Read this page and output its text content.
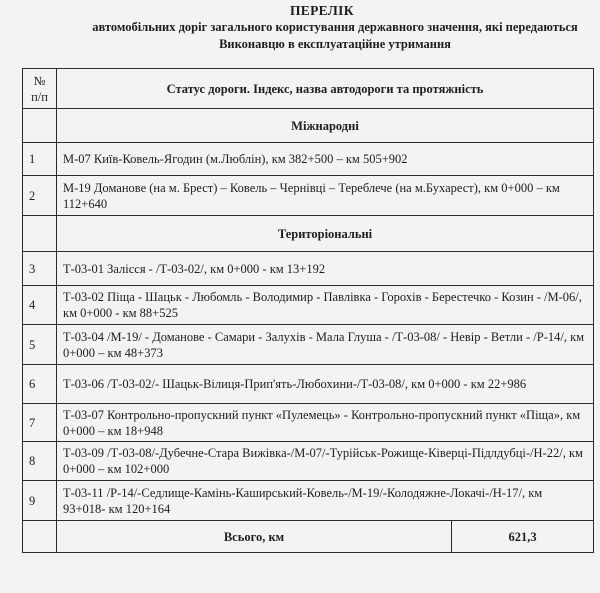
ПЕРЕЛІК
автомобільних доріг загального користування державного значення, які передаються
Виконавцю в експлуатаційне утримання
№ п/п	Статус дороги. Індекс, назва автодороги та протяжність	
	Міжнародні	
1	М-07 Київ-Ковель-Ягодин (м.Люблін), км 382+500 – км 505+902	
2	М-19 Доманове (на м. Брест) – Ковель – Чернівці – Тереблече (на м.Бухарест), км 0+000 – км 112+640	
	Територіональні	
3	Т-03-01 Залісся - /Т-03-02/, км 0+000 - км 13+192	
4	Т-03-02 Піща - Шацьк - Любомль - Володимир - Павлівка - Горохів - Берестечко - Козин - /М-06/, км 0+000 - км 88+525	
5	Т-03-04 /М-19/ - Доманове - Самари - Залухів - Мала Глуша - /Т-03-08/ - Невір - Ветли - /Р-14/, км 0+000 – км 48+373	
6	Т-03-06 /Т-03-02/- Шацьк-Вілиця-Прип'ять-Любохини-/Т-03-08/, км 0+000 - км 22+986	
7	Т-03-07 Контрольно-пропускний пункт «Пулемець» - Контрольно-пропускний пункт «Піща», км 0+000 – км 18+948	
8	Т-03-09 /Т-03-08/-Дубечне-Стара Вижівка-/М-07/-Турійськ-Рожище-Ківерці-Підлдубці-/Н-22/, км 0+000 – км 102+000	
9	Т-03-11 /Р-14/-Седлище-Камінь-Каширський-Ковель-/М-19/-Колодяжне-Локачі-/Н-17/, км 93+018- км 120+164	
	Всього, км	621,3
